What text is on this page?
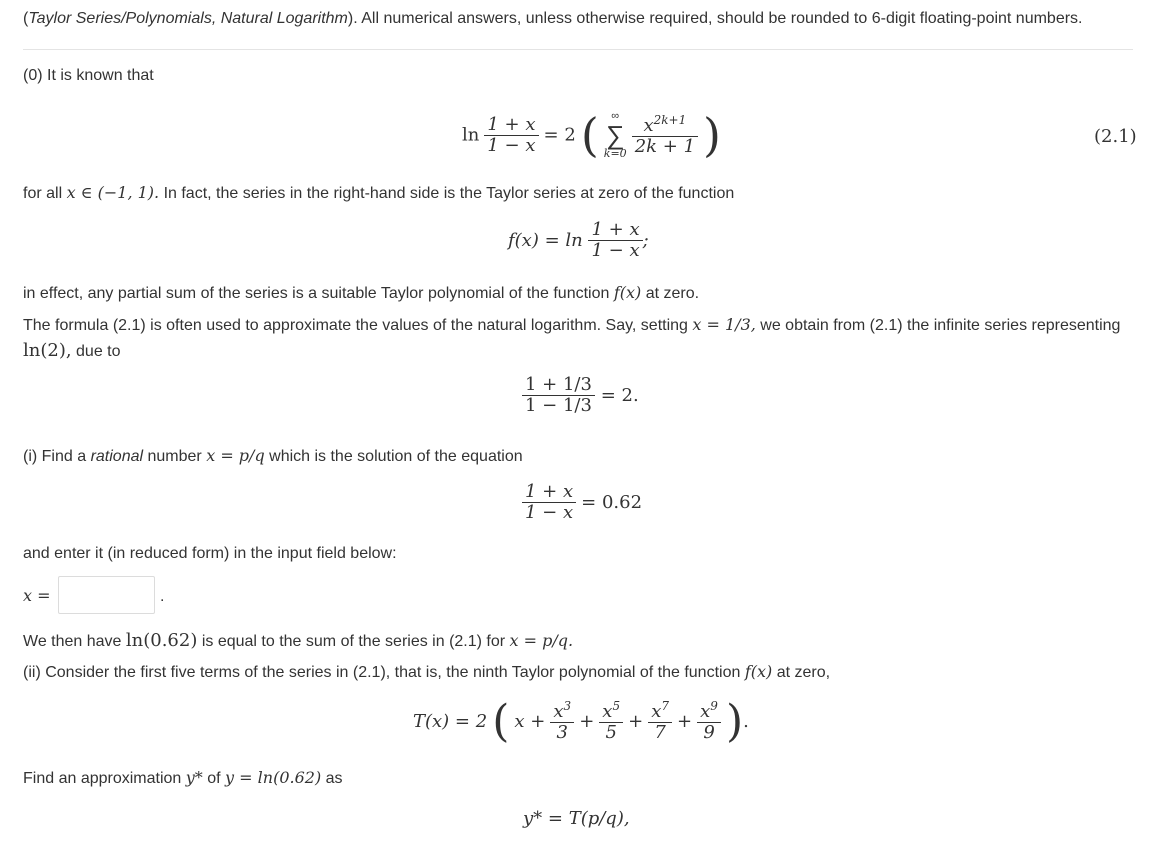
(Taylor Series/Polynomials, Natural Logarithm). All numerical answers, unless otherwise required, should be rounded to 6-digit floating-point numbers.
(0) It is known that
$\ln \frac{1 + x}{1 - x} = 2$ (	∞
∑
k=0
$\frac{x^{2k+1}}{2k + 1}$ )	(2.1)
for all x ∈ (−1, 1). In fact, the series in the right-hand side is the Taylor series at zero of the function
$f(x) = \ln \frac{1 + x}{1 - x}$ ;
in effect, any partial sum of the series is a suitable Taylor polynomial of the function f(x) at zero.
The formula (2.1) is often used to approximate the values of the natural logarithm. Say, setting x = 1/3, we obtain from (2.1) the infinite series representing
ln(2), due to
$\frac{1 + 1/3}{1 - 1/3} = 2$.
(i) Find a rational number x = p/q which is the solution of the equation
$\frac{1 + x}{1 - x} = 0.62$
and enter it (in reduced form) in the input field below:
x =	.
We then have ln(0.62) is equal to the sum of the series in (2.1) for x = p/q.
(ii) Consider the first five terms of the series in (2.1), that is, the ninth Taylor polynomial of the function f(x) at zero,
T(x) = 2 ( $x + \frac{x^3}{3} + \frac{x^5}{5} + \frac{x^7}{7} + \frac{x^9}{9}$ ).
Find an approximation y* of y = ln(0.62) as
y* = T(p/q),
